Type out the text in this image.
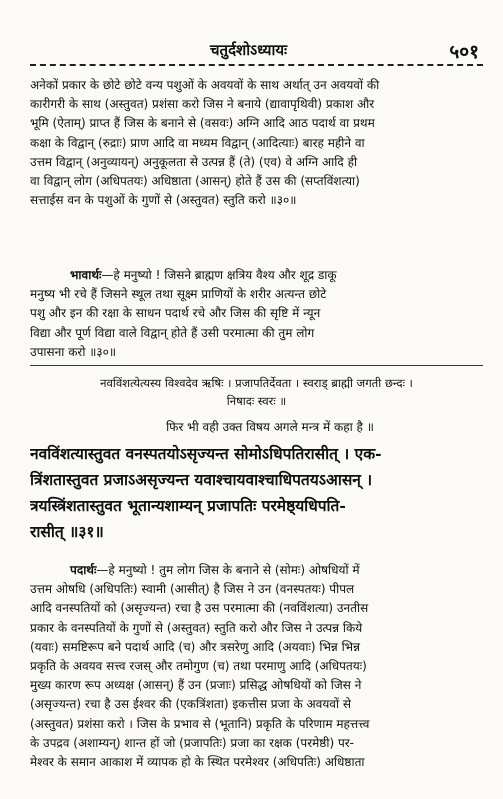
चतुर्दशोऽध्यायः	५०१
अनेकों प्रकार के छोटे छोटे वन्य पशुओं के अवयवों के साथ अर्थात् उन अवयवों की
कारीगरी के साथ (अस्तुवत) प्रशंसा करो जिस ने बनाये (द्यावापृथिवी) प्रकाश और
भूमि (ऐताम्) प्राप्त हैं जिस के बनाने से (वसवः) अग्नि आदि आठ पदार्थ वा प्रथम
कक्षा के विद्वान् (रुद्राः) प्राण आदि वा मध्यम विद्वान् (आदित्याः) बारह महीने वा
उत्तम विद्वान् (अनुव्यायन्) अनुकूलता से उत्पन्न हैं (ते) (एव) वे अग्नि आदि ही
वा विद्वान् लोग (अधिपतयः) अधिष्ठाता (आसन्) होते हैं उस की (सप्तविंशत्या)
सत्ताईस वन के पशुओं के गुणों से (अस्तुवत) स्तुति करो ॥३०॥
भावार्थः—हे मनुष्यो ! जिसने ब्राह्मण क्षत्रिय वैश्य और शूद्र डाकू
मनुष्य भी रचे हैं जिसने स्थूल तथा सूक्ष्म प्राणियों के शरीर अत्यन्त छोटे
पशु और इन की रक्षा के साधन पदार्थ रचे और जिस की सृष्टि में न्यून
विद्या और पूर्ण विद्या वाले विद्वान् होते हैं उसी परमात्मा की तुम लोग
उपासना करो ॥३०॥
नवविंशत्येत्यस्य विश्वदेव ऋषिः । प्रजापतिर्देवता । स्वराड् ब्राह्मी जगती छन्दः ।
निषादः स्वरः ॥
फिर भी वही उक्त विषय अगले मन्त्र में कहा है ॥
नवविंशत्यास्तुवत वनस्पतयोऽसृज्यन्त सोमोऽधिपतिरासीत् । एक-
त्रिंशतास्तुवत प्रजाऽअसृज्यन्त यवाश्चायवाश्चाधिपतयऽआसन् ।
त्रयस्त्रिंशतास्तुवत भूतान्यशाम्यन् प्रजापतिः परमेष्ठ्यधिपति-
रासीत् ॥३१॥
पदार्थः—हे मनुष्यो ! तुम लोग जिस के बनाने से (सोमः) ओषधियों में
उत्तम ओषधि (अधिपतिः) स्वामी (आसीत्) है जिस ने उन (वनस्पतयः) पीपल
आदि वनस्पतियों को (असृज्यन्त) रचा है उस परमात्मा की (नवविंशत्या) उनतीस
प्रकार के वनस्पतियों के गुणों से (अस्तुवत) स्तुति करो और जिस ने उत्पन्न किये
(यवाः) समष्टिरूप बने पदार्थ आदि (च) और त्रसरेणु आदि (अयवाः) भिन्न भिन्न
प्रकृति के अवयव सत्त्व रजस् और तमोगुण (च) तथा परमाणु आदि (अधिपतयः)
मुख्य कारण रूप अध्यक्ष (आसन्) हैं उन (प्रजाः) प्रसिद्ध ओषधियों को जिस ने
(असृज्यन्त) रचा है उस ईश्वर की (एकत्रिंशता) इकत्तीस प्रजा के अवयवों से
(अस्तुवत) प्रशंसा करो । जिस के प्रभाव से (भूतानि) प्रकृति के परिणाम महत्तत्त्व
के उपद्रव (अशाम्यन्) शान्त हों जो (प्रजापतिः) प्रजा का रक्षक (परमेष्ठी) पर-
मेश्वर के समान आकाश में व्यापक हो के स्थित परमेश्वर (अधिपतिः) अधिष्ठाता
